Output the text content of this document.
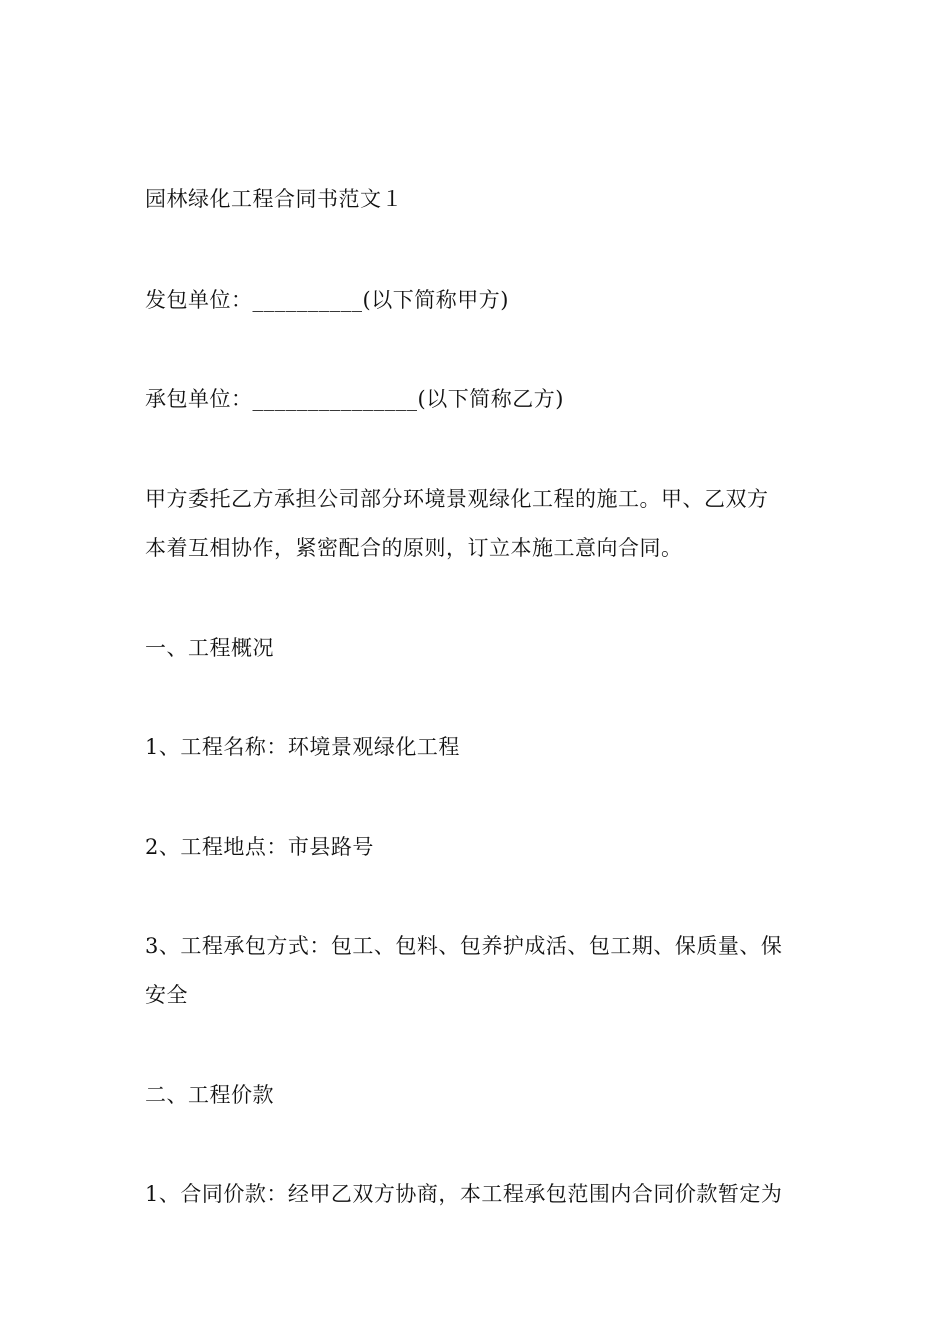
园林绿化工程合同书范文１
发包单位：__________(以下简称甲方)
承包单位：_______________(以下简称乙方)
甲方委托乙方承担公司部分环境景观绿化工程的施工。甲、乙双方
本着互相协作，紧密配合的原则，订立本施工意向合同。
一、工程概况
1、工程名称：环境景观绿化工程
2、工程地点：市县路号
3、工程承包方式：包工、包料、包养护成活、包工期、保质量、保
安全
二、工程价款
1、合同价款：经甲乙双方协商，本工程承包范围内合同价款暂定为
